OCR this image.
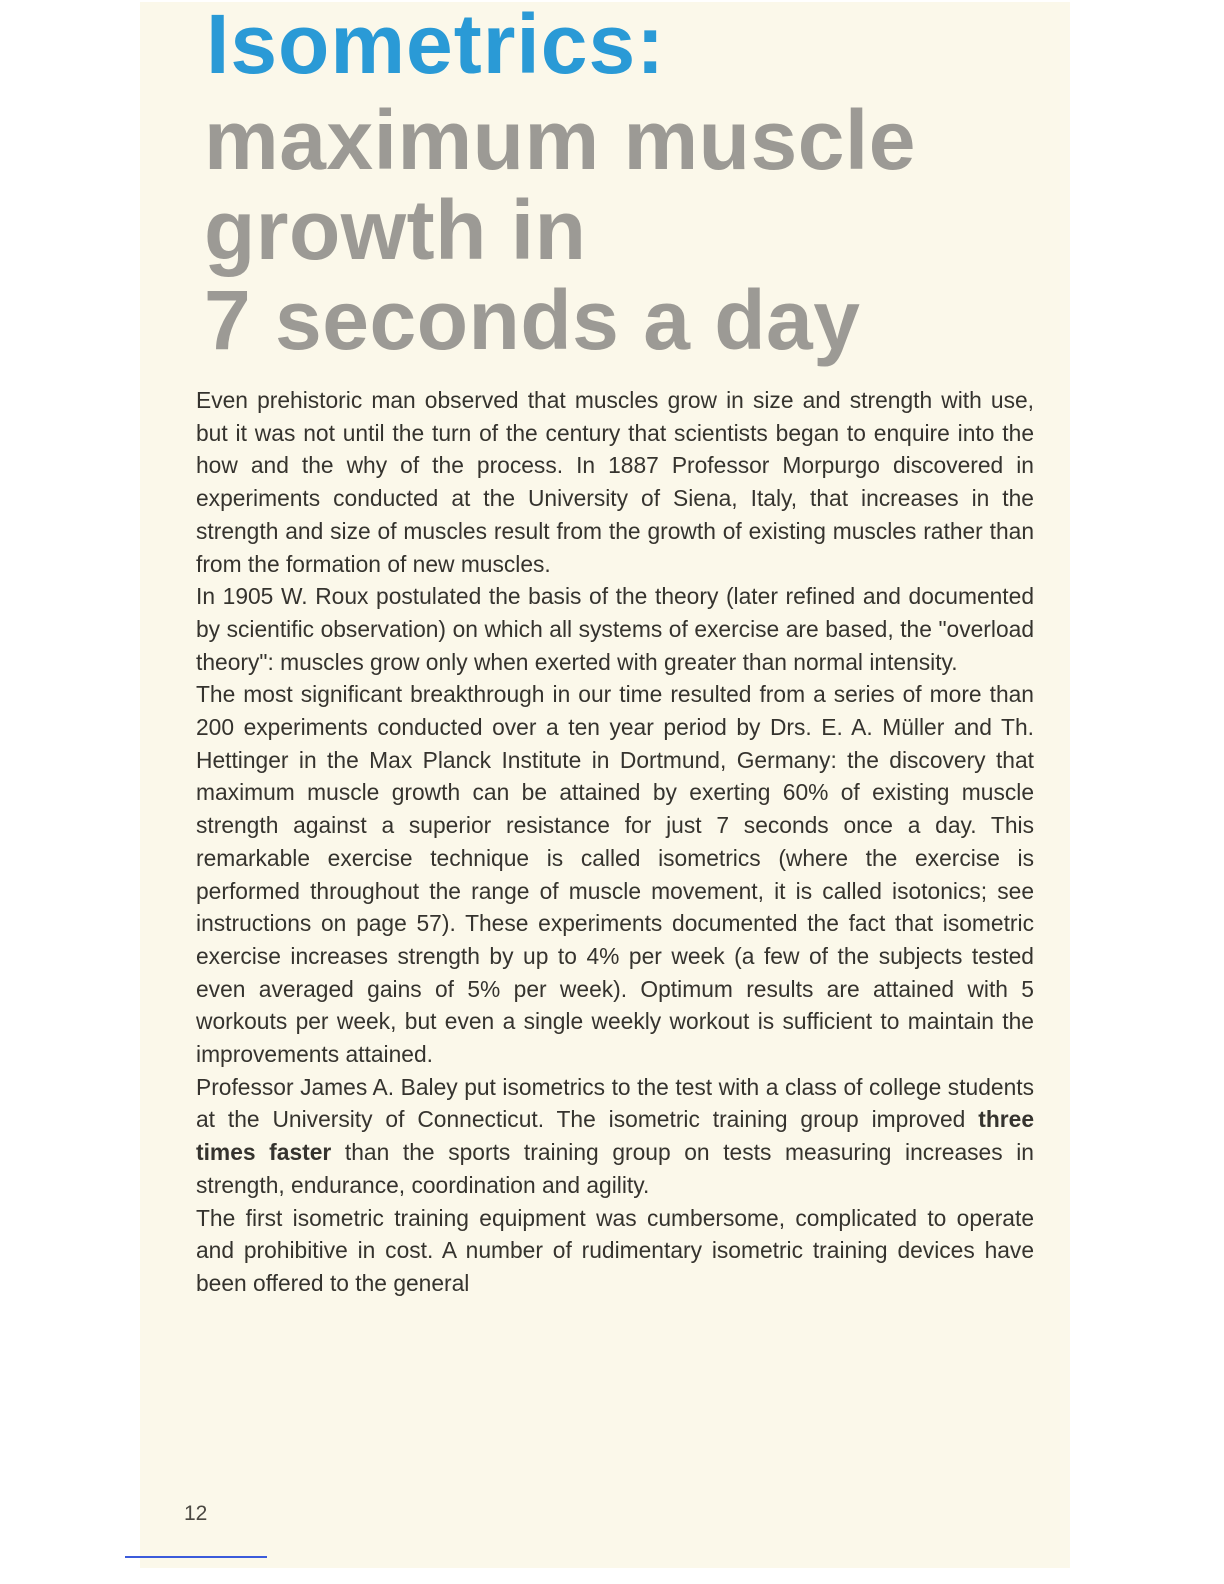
Isometrics:
maximum muscle
growth in
7 seconds a day

Even prehistoric man observed that muscles grow in size and strength with use, but it was not until the turn of the century that scientists began to enquire into the how and the why of the process. In 1887 Professor Morpurgo discovered in experiments conducted at the University of Siena, Italy, that increases in the strength and size of muscles result from the growth of existing muscles rather than from the formation of new muscles.

In 1905 W. Roux postulated the basis of the theory (later refined and documented by scientific observation) on which all systems of exercise are based, the "overload theory": muscles grow only when exerted with greater than normal intensity.

The most significant breakthrough in our time resulted from a series of more than 200 experiments conducted over a ten year period by Drs. E. A. Müller and Th. Hettinger in the Max Planck Institute in Dortmund, Germany: the discovery that maximum muscle growth can be attained by exerting 60% of existing muscle strength against a superior resistance for just 7 seconds once a day. This remarkable exercise technique is called isometrics (where the exercise is performed throughout the range of muscle movement, it is called isotonics; see instructions on page 57). These experiments documented the fact that isometric exercise increases strength by up to 4% per week (a few of the subjects tested even averaged gains of 5% per week). Optimum results are attained with 5 workouts per week, but even a single weekly workout is sufficient to maintain the improvements attained.

Professor James A. Baley put isometrics to the test with a class of college students at the University of Connecticut. The isometric training group improved three times faster than the sports training group on tests measuring increases in strength, endurance, coordination and agility.

The first isometric training equipment was cumbersome, complicated to operate and prohibitive in cost. A number of rudimentary isometric training devices have been offered to the general

12
